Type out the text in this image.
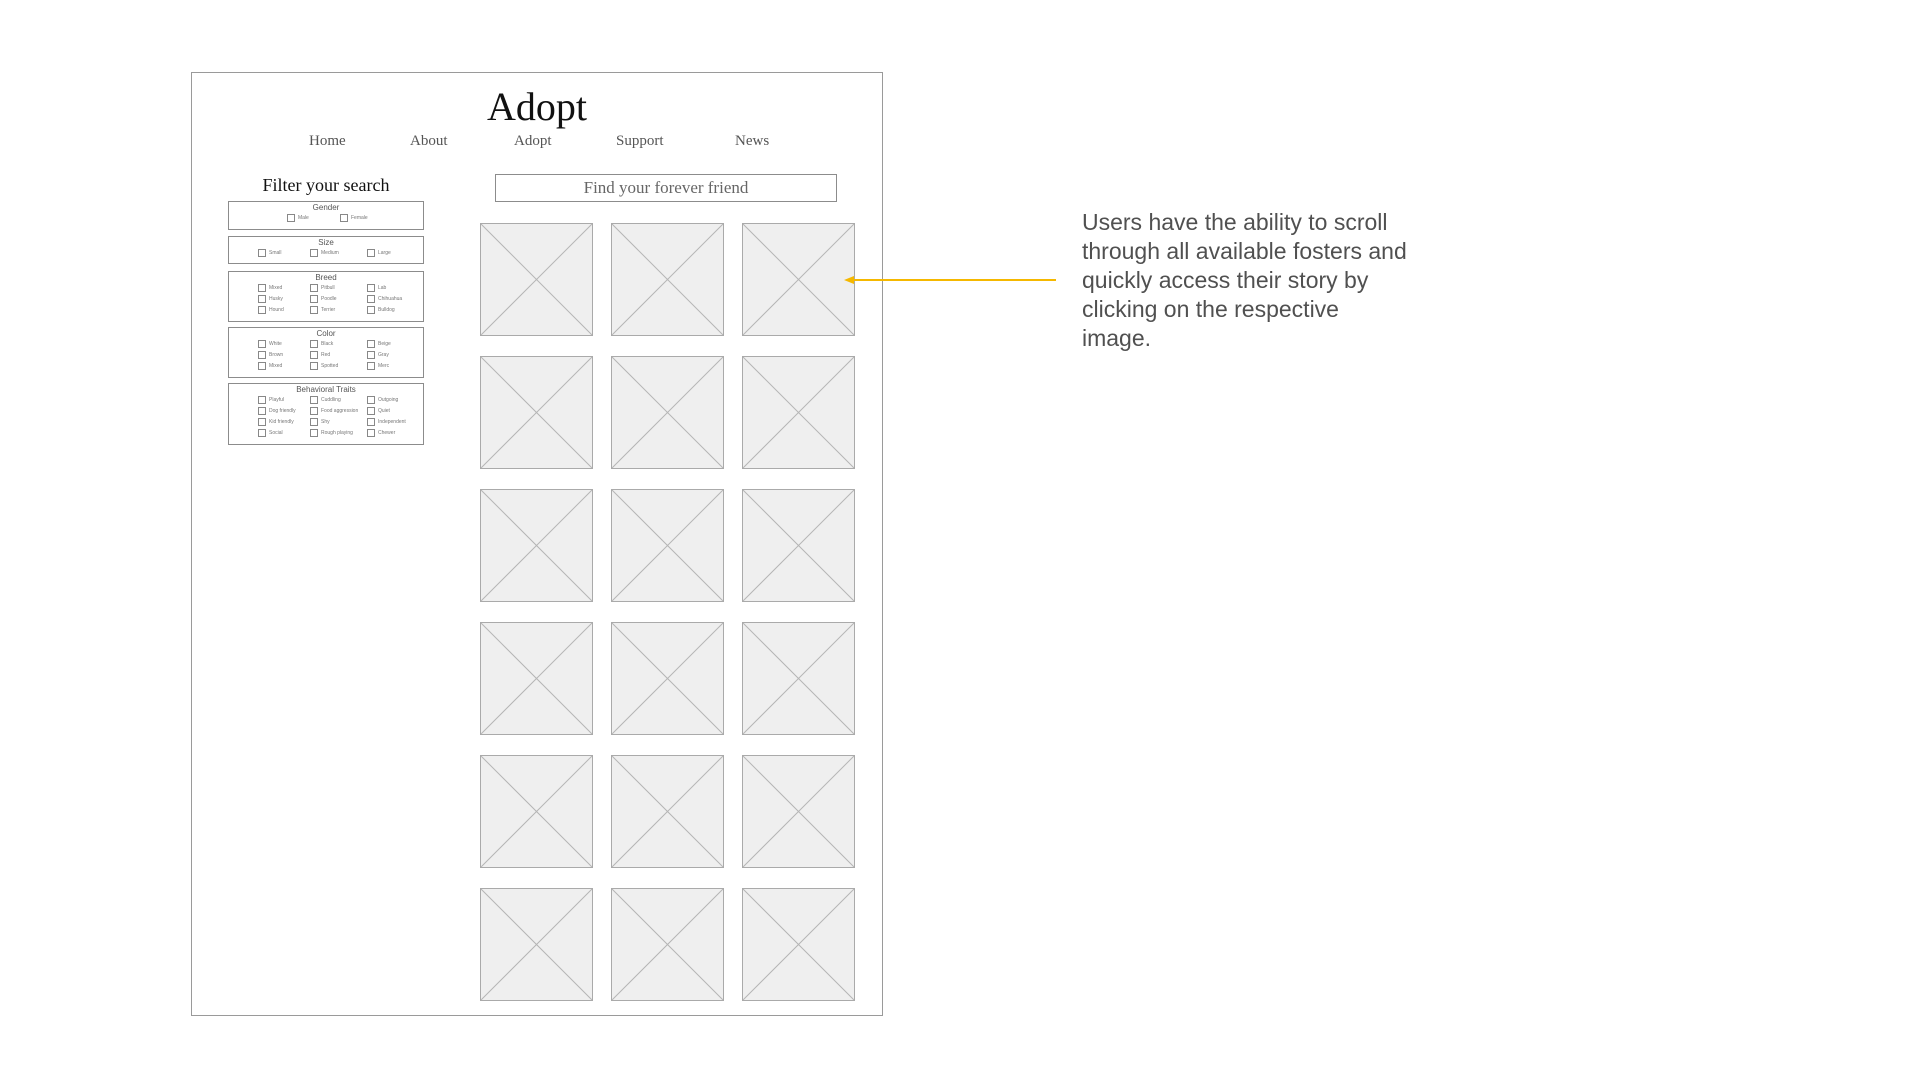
Adopt
Home	About	Adopt	Support	News
Filter your search
Gender
Male	Female
Size
Small	Medium	Large
Breed
Mixed	Pitbull	Lab
Husky	Poodle	Chihuahua
Hound	Terrier	Bulldog
Color
White	Black	Beige
Brown	Red	Gray
Mixed	Spotted	Merc
Behavioral Traits
Playful	Cuddling	Outgoing
Dog friendly	Food aggression	Quiet
Kid friendly	Shy	Independent
Social	Rough playing	Chewer
Find your forever friend
Users have the ability to scroll through all available fosters and quickly access their story by clicking on the respective image.
